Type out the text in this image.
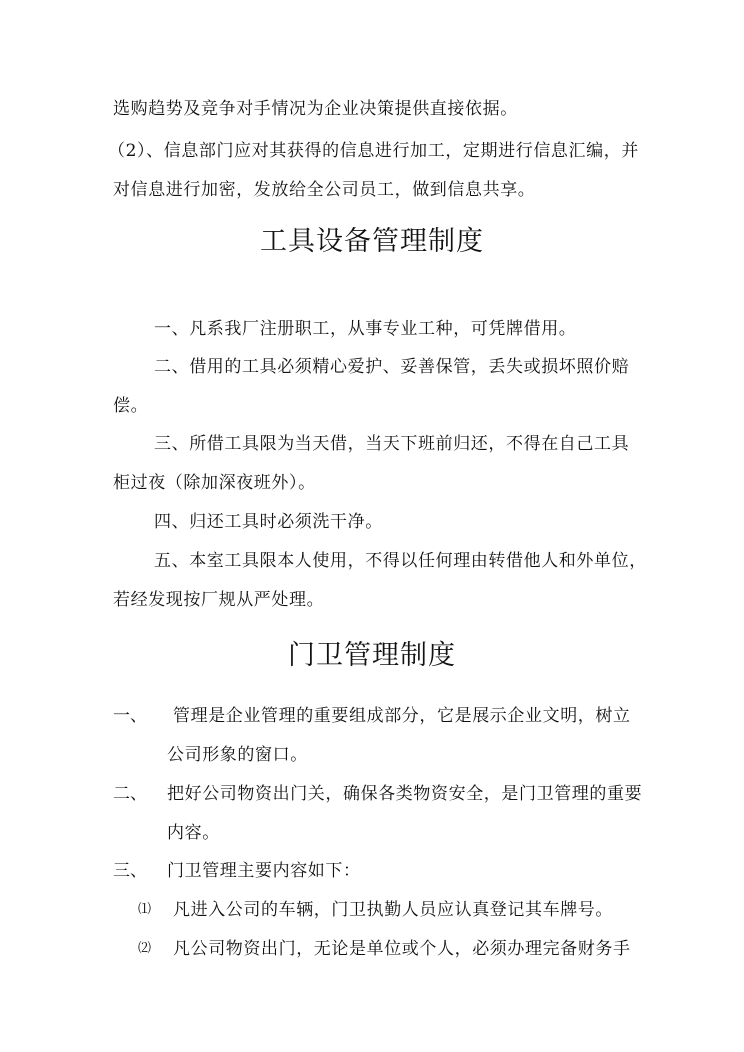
选购趋势及竞争对手情况为企业决策提供直接依据。
（2）、信息部门应对其获得的信息进行加工，定期进行信息汇编，并
对信息进行加密，发放给全公司员工，做到信息共享。
工具设备管理制度
一、凡系我厂注册职工，从事专业工种，可凭牌借用。
二、借用的工具必须精心爱护、妥善保管，丢失或损坏照价赔
偿。
三、所借工具限为当天借，当天下班前归还，不得在自己工具
柜过夜（除加深夜班外）。
四、归还工具时必须洗干净。
五、本室工具限本人使用，不得以任何理由转借他人和外单位，
若经发现按厂规从严处理。
门卫管理制度
一、 管理是企业管理的重要组成部分，它是展示企业文明，树立
公司形象的窗口。
二、 把好公司物资出门关，确保各类物资安全，是门卫管理的重要
内容。
三、 门卫管理主要内容如下：
⑴ 凡进入公司的车辆，门卫执勤人员应认真登记其车牌号。
⑵ 凡公司物资出门，无论是单位或个人，必须办理完备财务手
